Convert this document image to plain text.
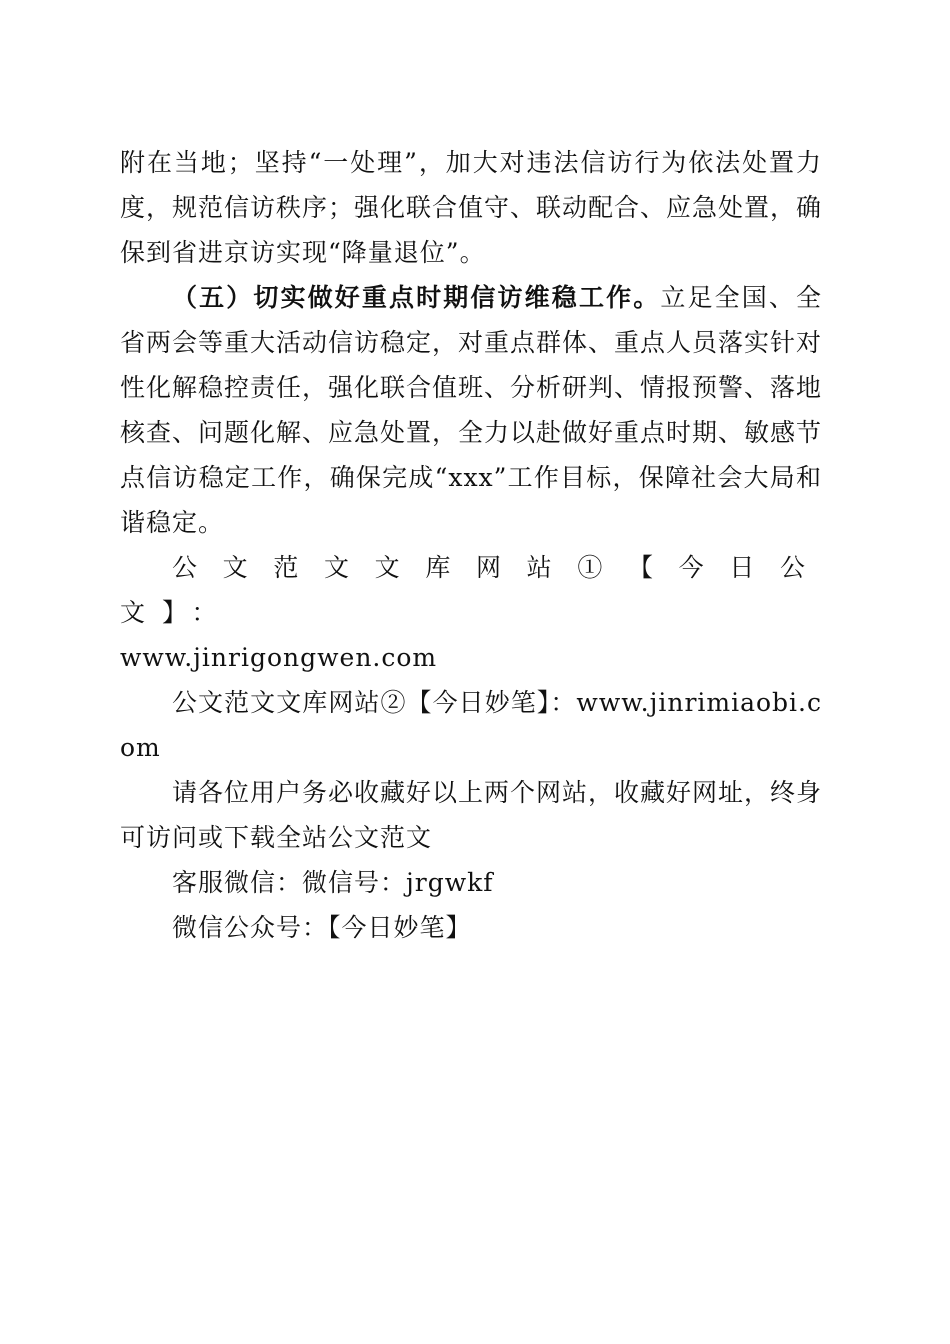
附在当地；坚持“一处理”，加大对违法信访行为依法处置力度，规范信访秩序；强化联合值守、联动配合、应急处置，确保到省进京访实现“降量退位”。

（五）切实做好重点时期信访维稳工作。立足全国、全省两会等重大活动信访稳定，对重点群体、重点人员落实针对性化解稳控责任，强化联合值班、分析研判、情报预警、落地核查、问题化解、应急处置，全力以赴做好重点时期、敏感节点信访稳定工作，确保完成“xxx”工作目标，保障社会大局和谐稳定。

公文范文文库网站①【今日公文】：
www.jinrigongwen.com

公文范文文库网站②【今日妙笔】：www.jinrimiaobi.com

请各位用户务必收藏好以上两个网站，收藏好网址，终身可访问或下载全站公文范文

客服微信：微信号：jrgwkf

微信公众号：【今日妙笔】
